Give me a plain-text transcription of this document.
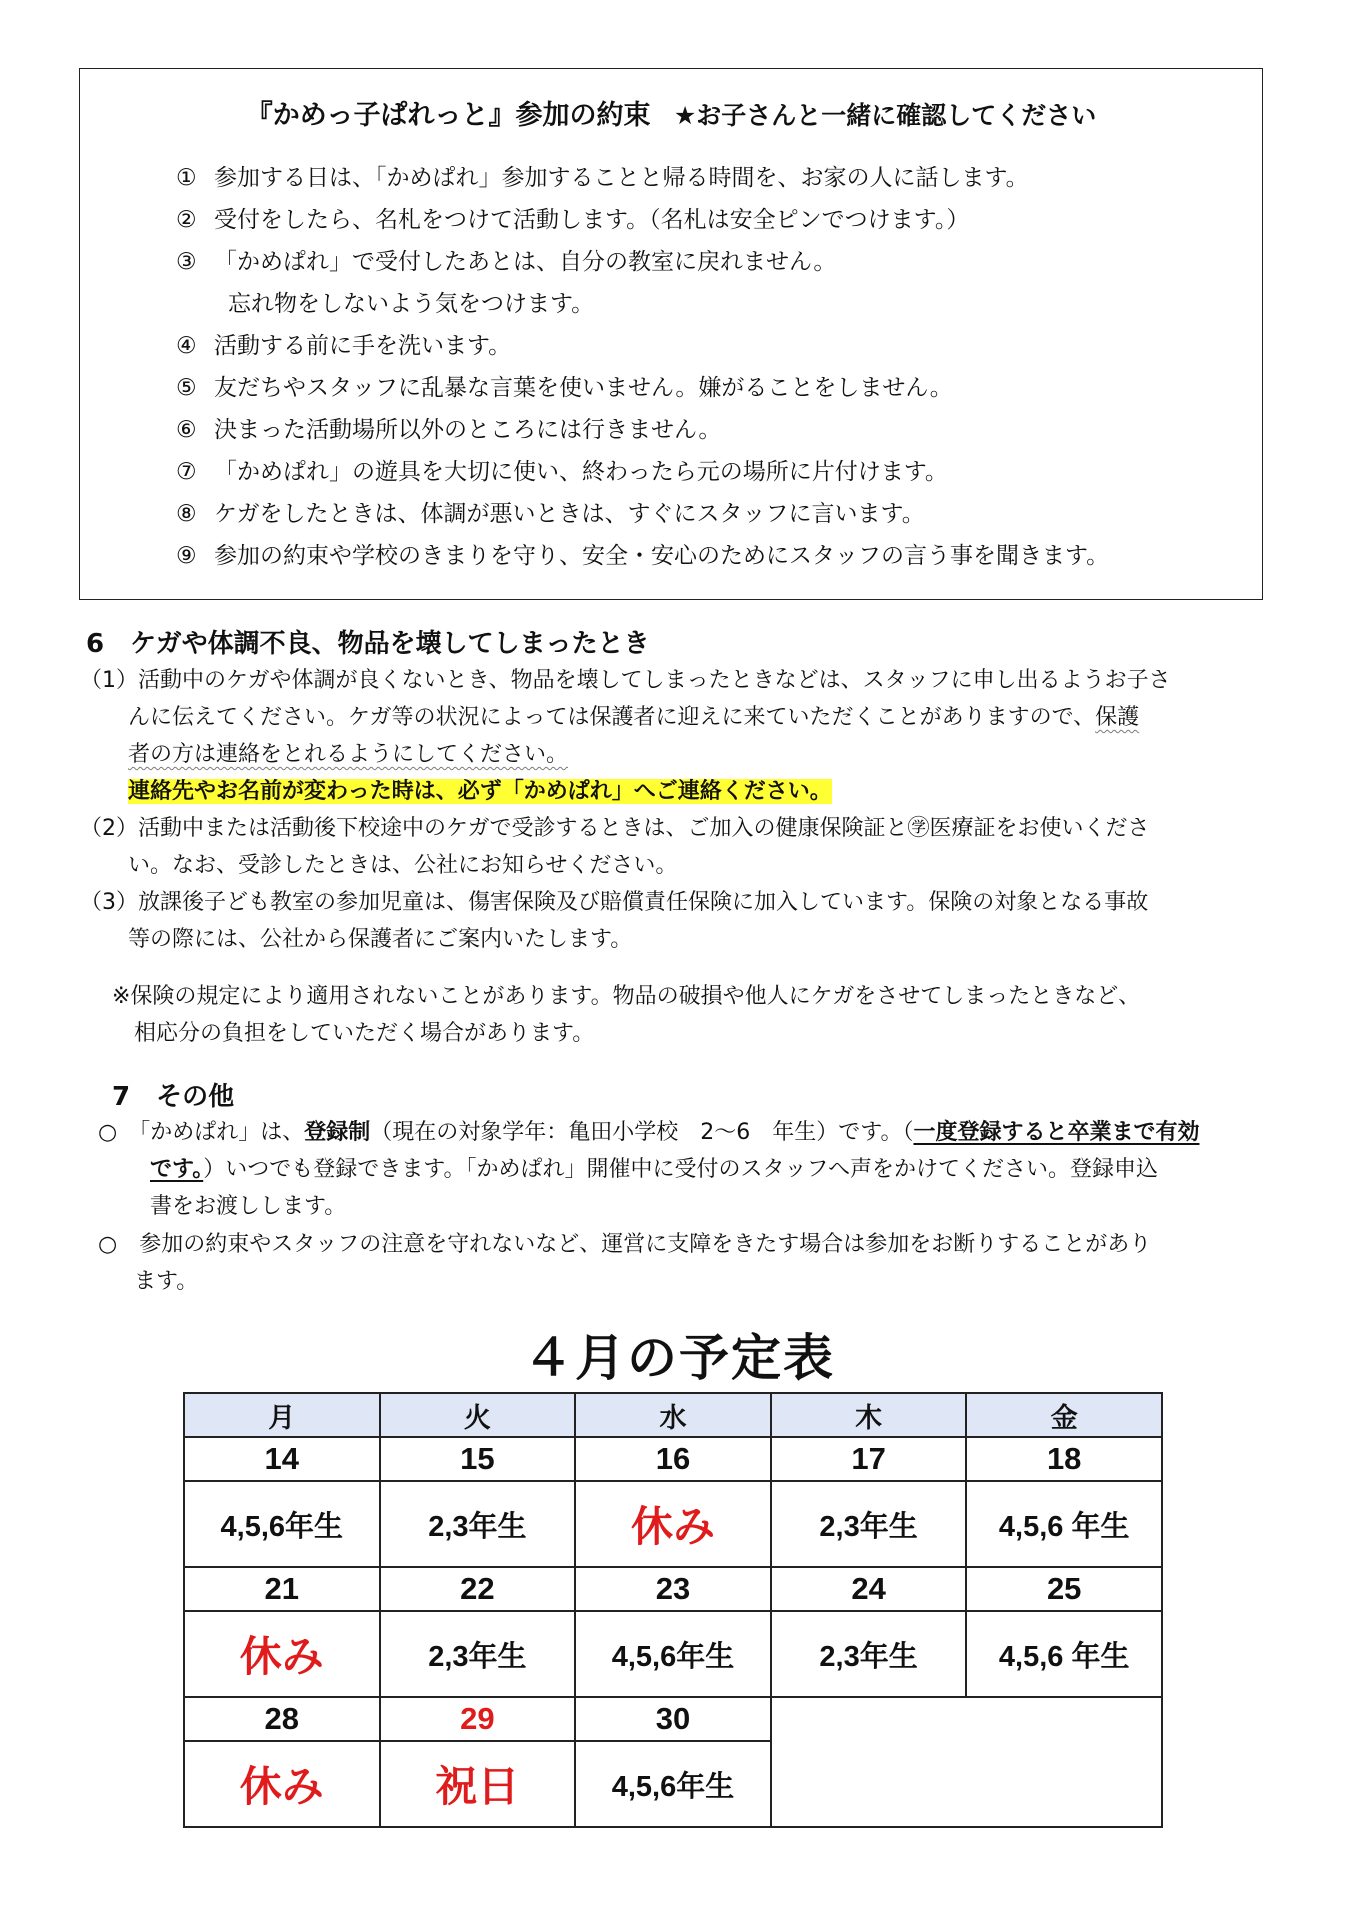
『かめっ子ぱれっと』参加の約束 ★お子さんと一緒に確認してください
① 参加する日は、「かめぱれ」参加することと帰る時間を、お家の人に話します。
② 受付をしたら、名札をつけて活動します。（名札は安全ピンでつけます。）
③ 「かめぱれ」で受付したあとは、自分の教室に戻れません。
忘れ物をしないよう気をつけます。
④ 活動する前に手を洗います。
⑤ 友だちやスタッフに乱暴な言葉を使いません。嫌がることをしません。
⑥ 決まった活動場所以外のところには行きません。
⑦ 「かめぱれ」の遊具を大切に使い、終わったら元の場所に片付けます。
⑧ ケガをしたときは、体調が悪いときは、すぐにスタッフに言います。
⑨ 参加の約束や学校のきまりを守り、安全・安心のためにスタッフの言う事を聞きます。
6　ケガや体調不良、物品を壊してしまったとき
（1）活動中のケガや体調が良くないとき、物品を壊してしまったときなどは、スタッフに申し出るようお子さ
んに伝えてください。ケガ等の状況によっては保護者に迎えに来ていただくことがありますので、保護
者の方は連絡をとれるようにしてください。
連絡先やお名前が変わった時は、必ず「かめぱれ」へご連絡ください。
（2）活動中または活動後下校途中のケガで受診するときは、ご加入の健康保険証と㊫医療証をお使いくださ
い。なお、受診したときは、公社にお知らせください。
（3）放課後子ども教室の参加児童は、傷害保険及び賠償責任保険に加入しています。保険の対象となる事故
等の際には、公社から保護者にご案内いたします。
※保険の規定により適用されないことがあります。物品の破損や他人にケガをさせてしまったときなど、
相応分の負担をしていただく場合があります。
7　その他
○　「かめぱれ」は、登録制（現在の対象学年：亀田小学校　2～6　年生）です。（一度登録すると卒業まで有効
です。）いつでも登録できます。「かめぱれ」開催中に受付のスタッフへ声をかけてください。登録申込
書をお渡しします。
○　参加の約束やスタッフの注意を守れないなど、運営に支障をきたす場合は参加をお断りすることがあり
ます。
４月の予定表
月	火	水	木	金
14	15	16	17	18
4,5,6年生	2,3年生	休み	2,3年生	4,5,6 年生
21	22	23	24	25
休み	2,3年生	4,5,6年生	2,3年生	4,5,6 年生
28	29	30		
休み	祝日	4,5,6年生		
